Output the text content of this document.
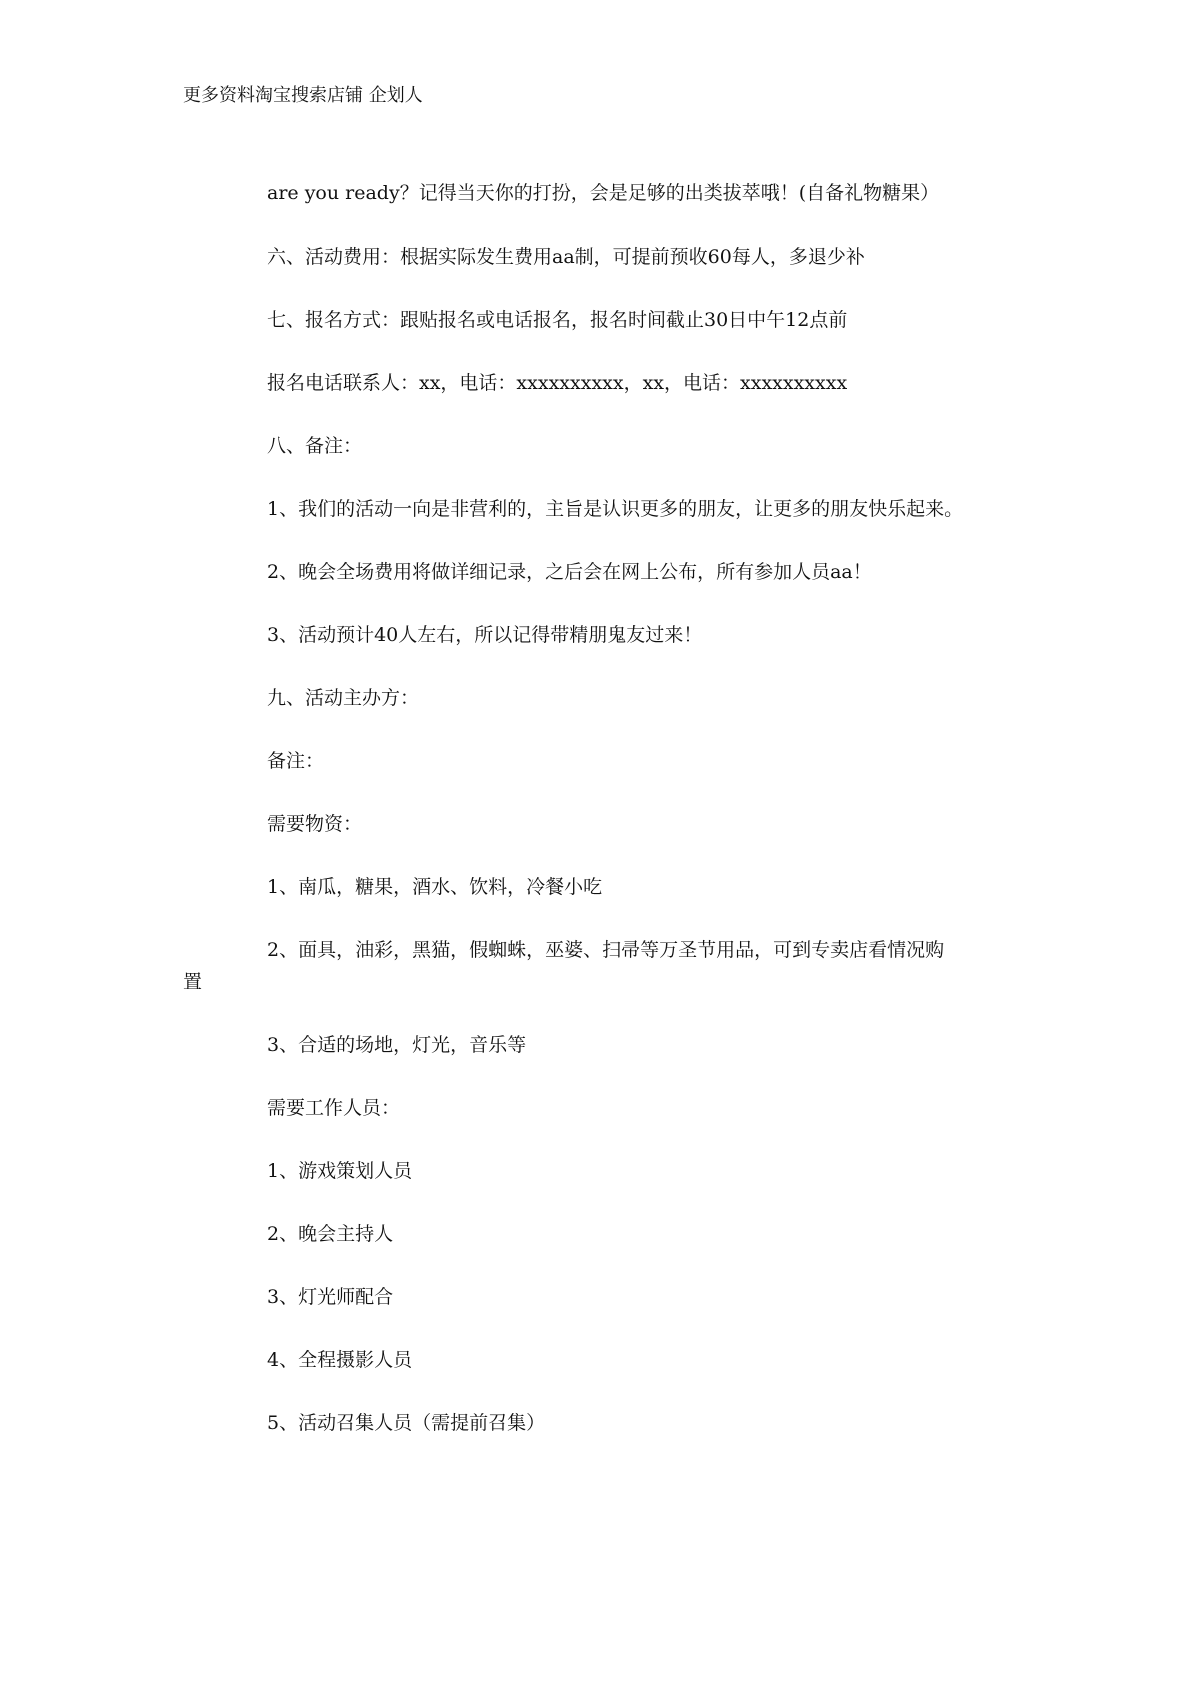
更多资料淘宝搜索店铺 企划人
are you ready？记得当天你的打扮，会是足够的出类拔萃哦！(自备礼物糖果）
六、活动费用：根据实际发生费用aa制，可提前预收60每人，多退少补
七、报名方式：跟贴报名或电话报名，报名时间截止30日中午12点前
报名电话联系人：xx，电话：xxxxxxxxxx，xx，电话：xxxxxxxxxx
八、备注：
1、我们的活动一向是非营利的，主旨是认识更多的朋友，让更多的朋友快乐起来。
2、晚会全场费用将做详细记录，之后会在网上公布，所有参加人员aa！
3、活动预计40人左右，所以记得带精朋鬼友过来！
九、活动主办方：
备注：
需要物资：
1、南瓜，糖果，酒水、饮料，冷餐小吃
2、面具，油彩，黑猫，假蜘蛛，巫婆、扫帚等万圣节用品，可到专卖店看情况购
置
3、合适的场地，灯光，音乐等
需要工作人员：
1、游戏策划人员
2、晚会主持人
3、灯光师配合
4、全程摄影人员
5、活动召集人员（需提前召集）
